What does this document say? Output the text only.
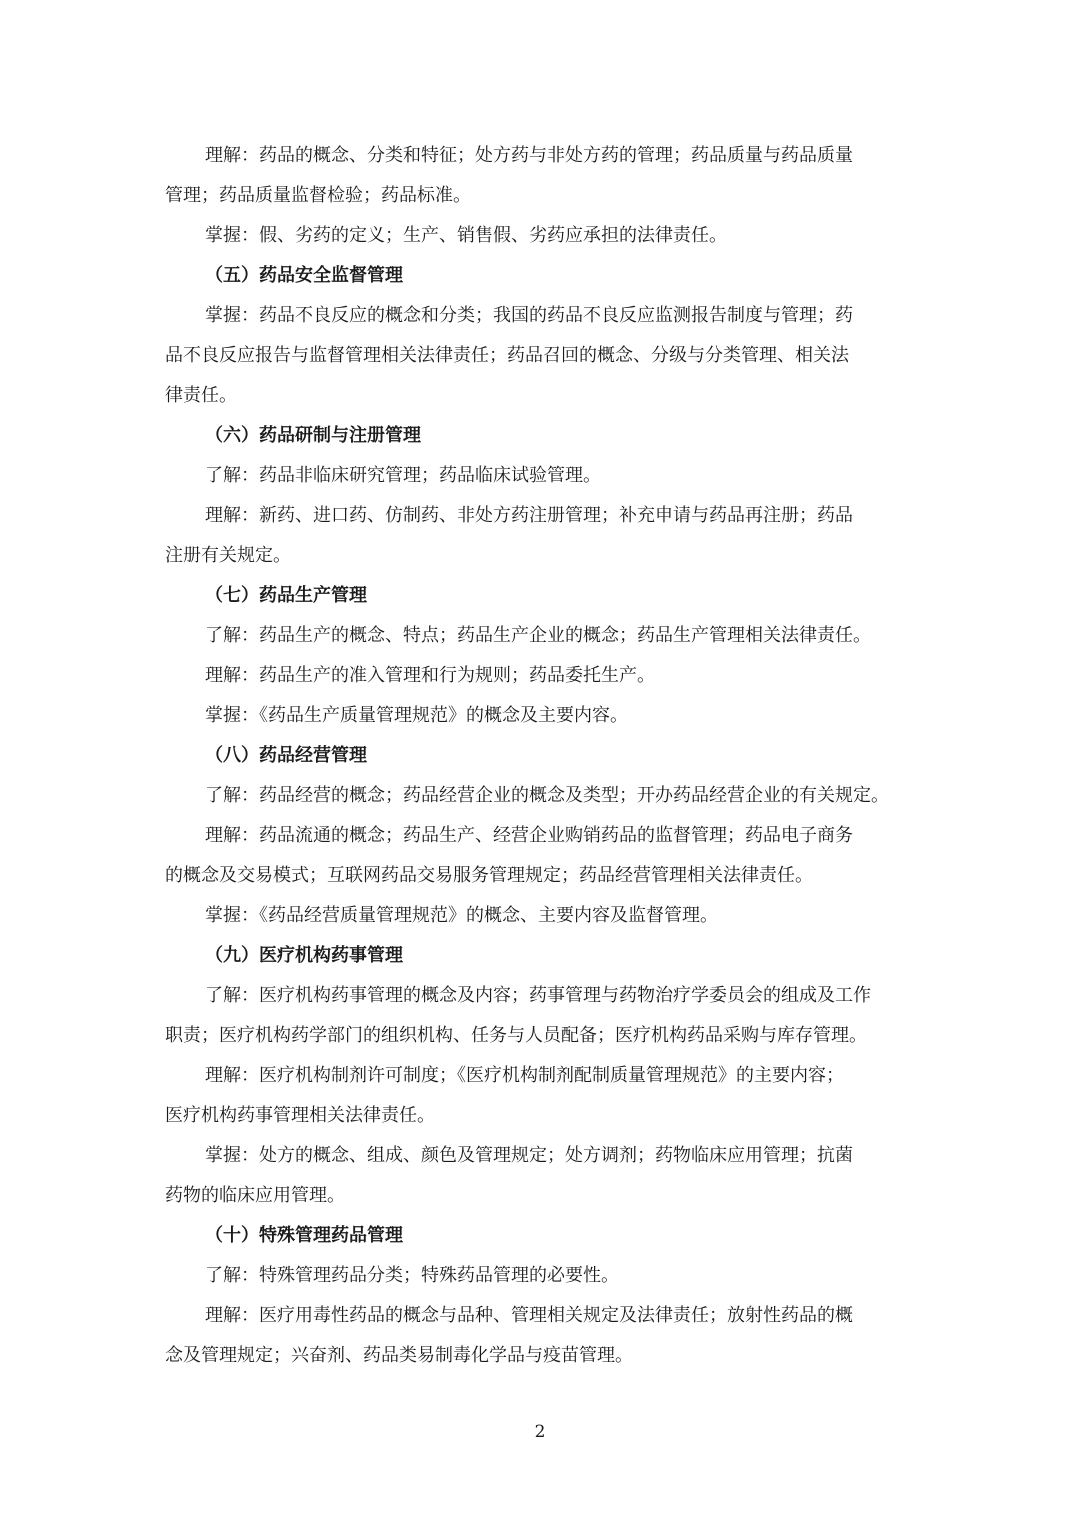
理解：药品的概念、分类和特征；处方药与非处方药的管理；药品质量与药品质量
管理；药品质量监督检验；药品标准。
掌握：假、劣药的定义；生产、销售假、劣药应承担的法律责任。
（五）药品安全监督管理
掌握：药品不良反应的概念和分类；我国的药品不良反应监测报告制度与管理；药
品不良反应报告与监督管理相关法律责任；药品召回的概念、分级与分类管理、相关法
律责任。
（六）药品研制与注册管理
了解：药品非临床研究管理；药品临床试验管理。
理解：新药、进口药、仿制药、非处方药注册管理；补充申请与药品再注册；药品
注册有关规定。
（七）药品生产管理
了解：药品生产的概念、特点；药品生产企业的概念；药品生产管理相关法律责任。
理解：药品生产的准入管理和行为规则；药品委托生产。
掌握：《药品生产质量管理规范》的概念及主要内容。
（八）药品经营管理
了解：药品经营的概念；药品经营企业的概念及类型；开办药品经营企业的有关规定。
理解：药品流通的概念；药品生产、经营企业购销药品的监督管理；药品电子商务
的概念及交易模式；互联网药品交易服务管理规定；药品经营管理相关法律责任。
掌握：《药品经营质量管理规范》的概念、主要内容及监督管理。
（九）医疗机构药事管理
了解：医疗机构药事管理的概念及内容；药事管理与药物治疗学委员会的组成及工作
职责；医疗机构药学部门的组织机构、任务与人员配备；医疗机构药品采购与库存管理。
理解：医疗机构制剂许可制度；《医疗机构制剂配制质量管理规范》的主要内容；
医疗机构药事管理相关法律责任。
掌握：处方的概念、组成、颜色及管理规定；处方调剂；药物临床应用管理；抗菌
药物的临床应用管理。
（十）特殊管理药品管理
了解：特殊管理药品分类；特殊药品管理的必要性。
理解：医疗用毒性药品的概念与品种、管理相关规定及法律责任；放射性药品的概
念及管理规定；兴奋剂、药品类易制毒化学品与疫苗管理。
2
